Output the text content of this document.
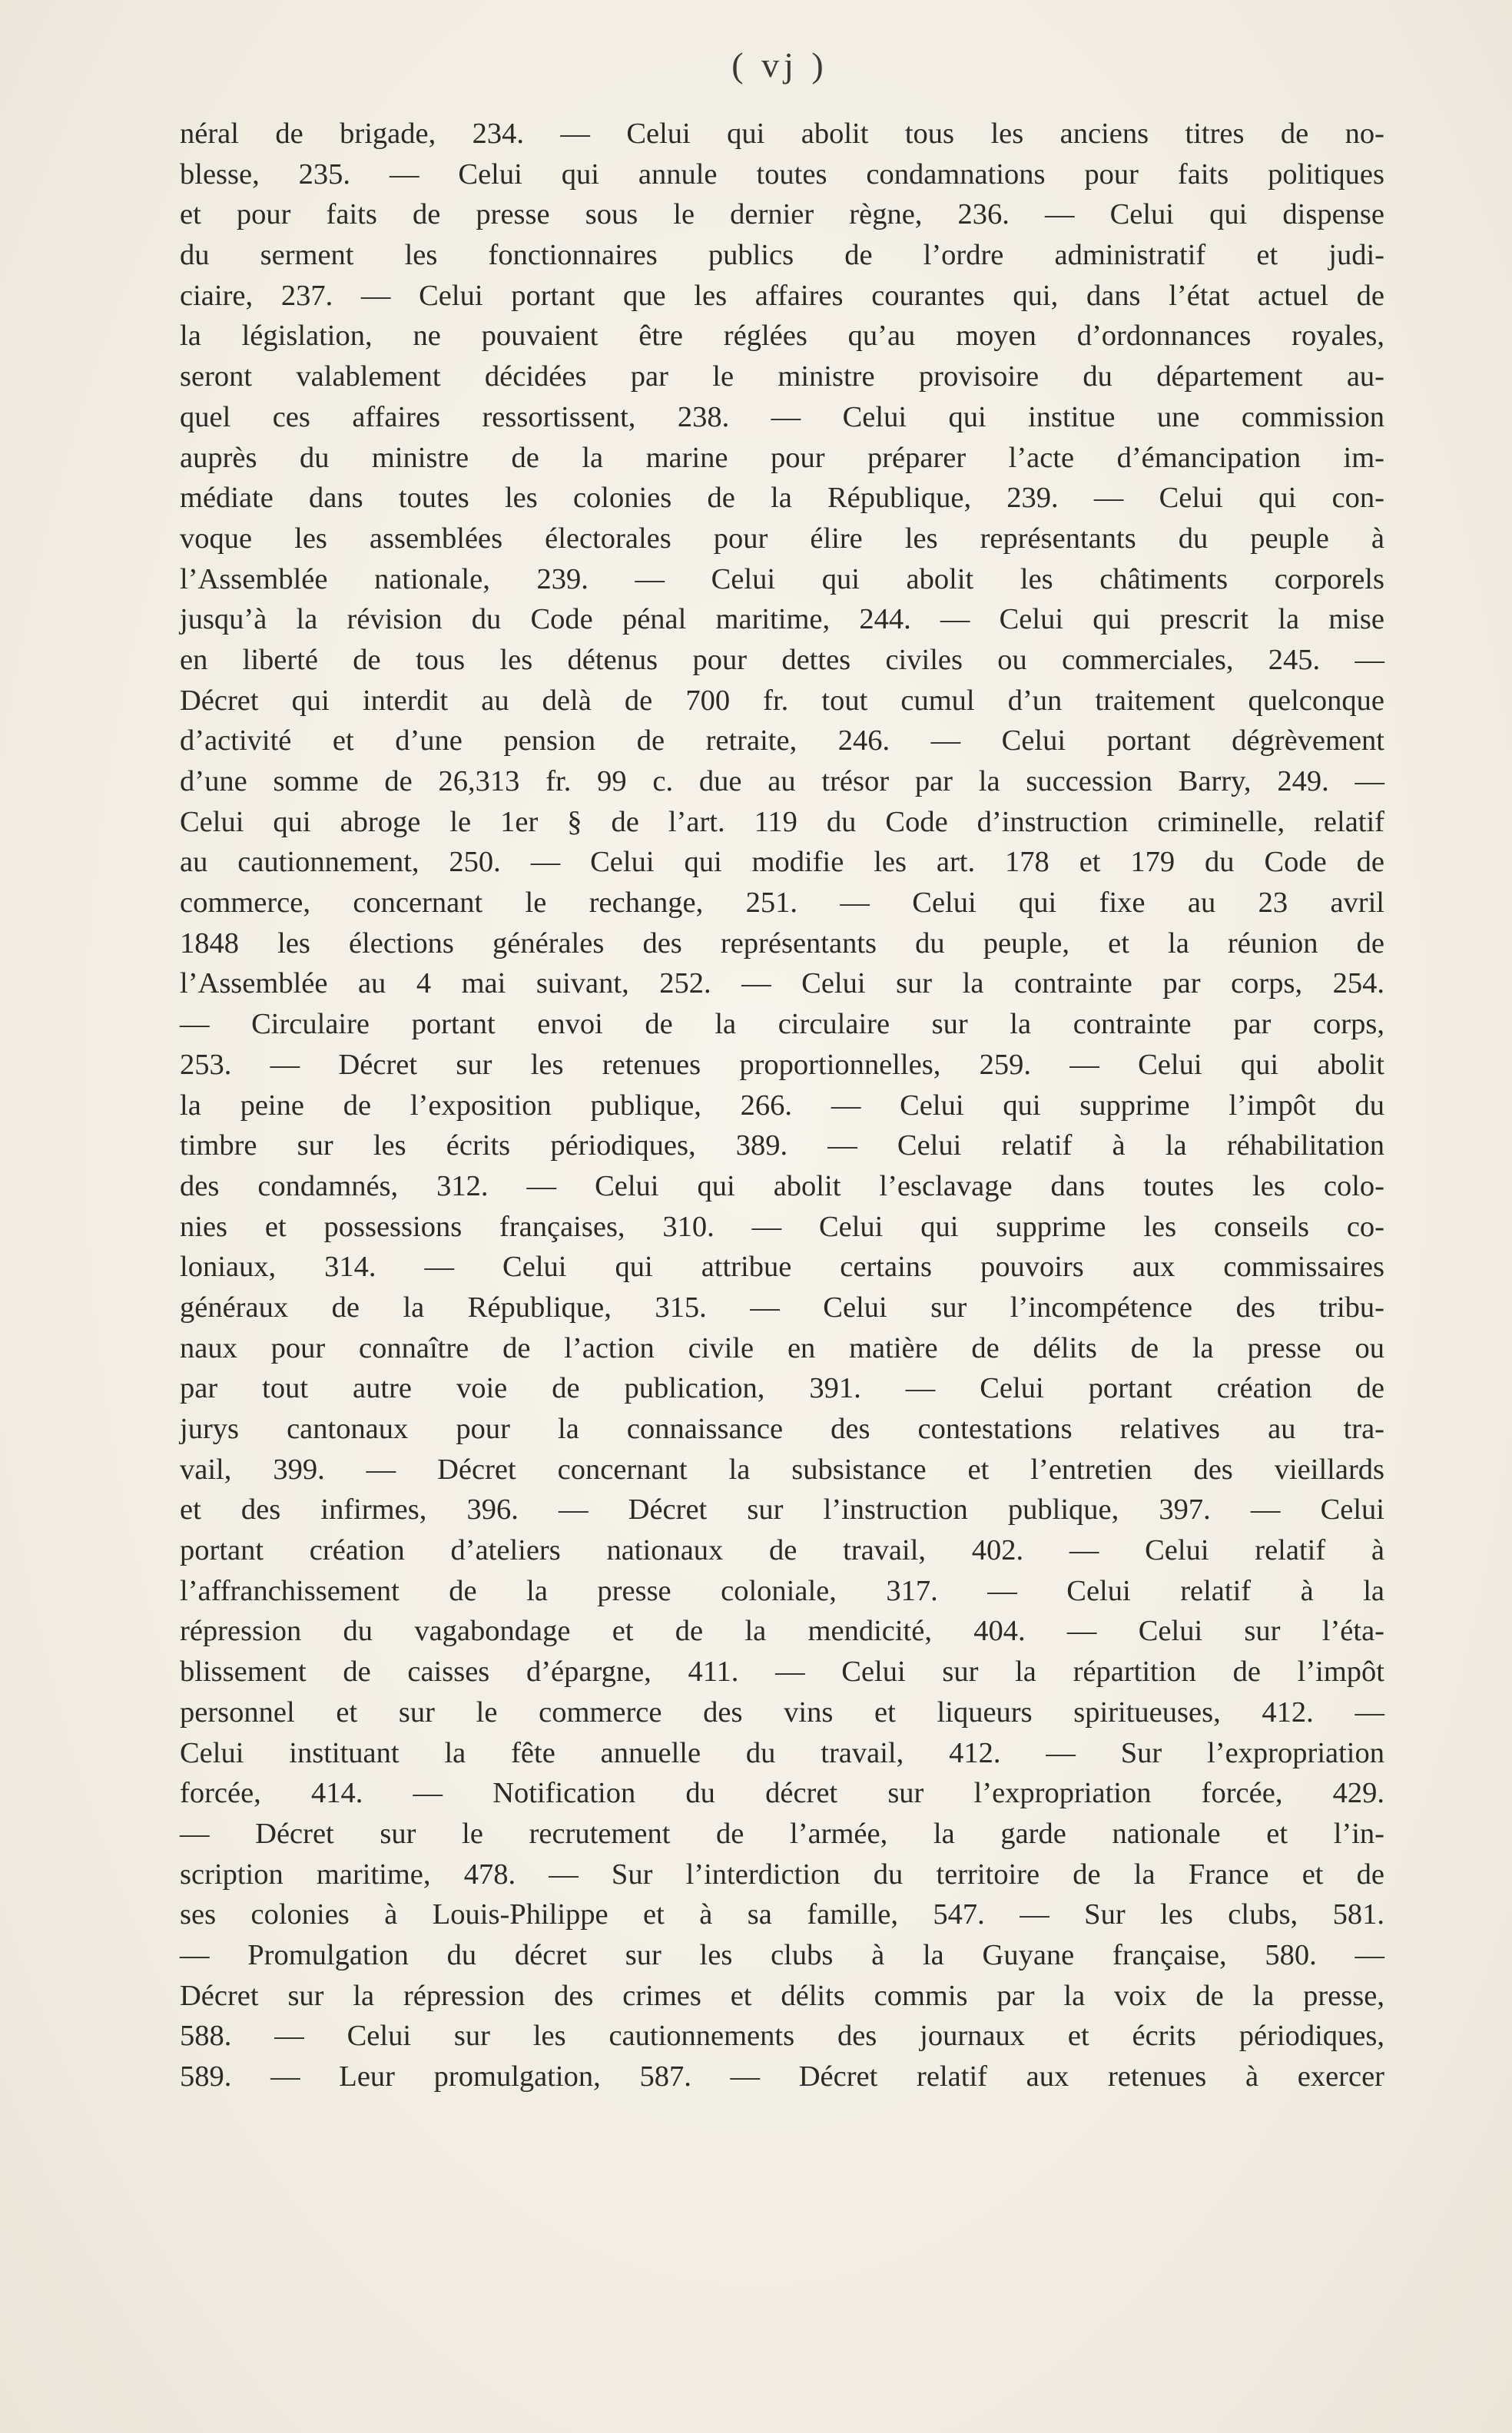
( vj )
néral de brigade, 234. — Celui qui abolit tous les anciens titres de no-
blesse, 235. — Celui qui annule toutes condamnations pour faits politiques
et pour faits de presse sous le dernier règne, 236. — Celui qui dispense
du serment les fonctionnaires publics de l’ordre administratif et judi-
ciaire, 237. — Celui portant que les affaires courantes qui, dans l’état actuel de
la législation, ne pouvaient être réglées qu’au moyen d’ordonnances royales,
seront valablement décidées par le ministre provisoire du département au-
quel ces affaires ressortissent, 238. — Celui qui institue une commission
auprès du ministre de la marine pour préparer l’acte d’émancipation im-
médiate dans toutes les colonies de la République, 239. — Celui qui con-
voque les assemblées électorales pour élire les représentants du peuple à
l’Assemblée nationale, 239. — Celui qui abolit les châtiments corporels
jusqu’à la révision du Code pénal maritime, 244. — Celui qui prescrit la mise
en liberté de tous les détenus pour dettes civiles ou commerciales, 245. —
Décret qui interdit au delà de 700 fr. tout cumul d’un traitement quelconque
d’activité et d’une pension de retraite, 246. — Celui portant dégrèvement
d’une somme de 26,313 fr. 99 c. due au trésor par la succession Barry, 249. —
Celui qui abroge le 1er § de l’art. 119 du Code d’instruction criminelle, relatif
au cautionnement, 250. — Celui qui modifie les art. 178 et 179 du Code de
commerce, concernant le rechange, 251. — Celui qui fixe au 23 avril
1848 les élections générales des représentants du peuple, et la réunion de
l’Assemblée au 4 mai suivant, 252. — Celui sur la contrainte par corps, 254.
— Circulaire portant envoi de la circulaire sur la contrainte par corps,
253. — Décret sur les retenues proportionnelles, 259. — Celui qui abolit
la peine de l’exposition publique, 266. — Celui qui supprime l’impôt du
timbre sur les écrits périodiques, 389. — Celui relatif à la réhabilitation
des condamnés, 312. — Celui qui abolit l’esclavage dans toutes les colo-
nies et possessions françaises, 310. — Celui qui supprime les conseils co-
loniaux, 314. — Celui qui attribue certains pouvoirs aux commissaires
généraux de la République, 315. — Celui sur l’incompétence des tribu-
naux pour connaître de l’action civile en matière de délits de la presse ou
par tout autre voie de publication, 391. — Celui portant création de
jurys cantonaux pour la connaissance des contestations relatives au tra-
vail, 399. — Décret concernant la subsistance et l’entretien des vieillards
et des infirmes, 396. — Décret sur l’instruction publique, 397. — Celui
portant création d’ateliers nationaux de travail, 402. — Celui relatif à
l’affranchissement de la presse coloniale, 317. — Celui relatif à la
répression du vagabondage et de la mendicité, 404. — Celui sur l’éta-
blissement de caisses d’épargne, 411. — Celui sur la répartition de l’impôt
personnel et sur le commerce des vins et liqueurs spiritueuses, 412. —
Celui instituant la fête annuelle du travail, 412. — Sur l’expropriation
forcée, 414. — Notification du décret sur l’expropriation forcée, 429.
— Décret sur le recrutement de l’armée, la garde nationale et l’in-
scription maritime, 478. — Sur l’interdiction du territoire de la France et de
ses colonies à Louis-Philippe et à sa famille, 547. — Sur les clubs, 581.
— Promulgation du décret sur les clubs à la Guyane française, 580. —
Décret sur la répression des crimes et délits commis par la voix de la presse,
588. — Celui sur les cautionnements des journaux et écrits périodiques,
589. — Leur promulgation, 587. — Décret relatif aux retenues à exercer
